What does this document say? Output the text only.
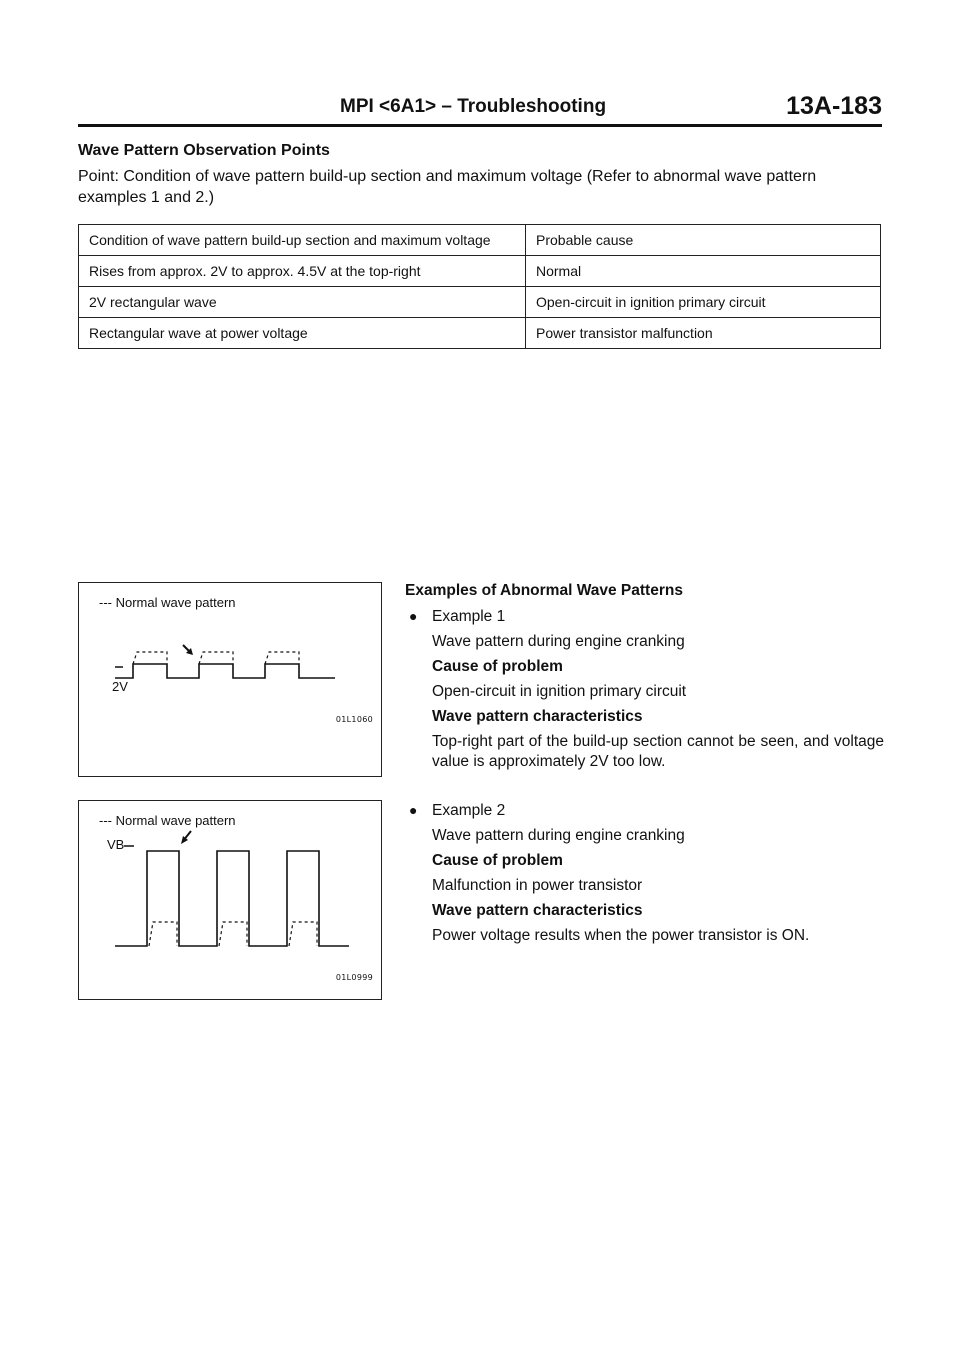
MPI <6A1> – Troubleshooting	13A-183
Wave Pattern Observation Points

Point: Condition of wave pattern build-up section and maximum voltage (Refer to abnormal wave pattern examples 1 and 2.)

Condition of wave pattern build-up section and maximum voltage	Probable cause
Rises from approx. 2V to approx. 4.5V at the top-right	Normal
2V rectangular wave	Open-circuit in ignition primary circuit
Rectangular wave at power voltage	Power transistor malfunction
--- Normal wave pattern
2V
01L1060
--- Normal wave pattern
VB
01L0999
Examples of Abnormal Wave Patterns
● Example 1
Wave pattern during engine cranking
Cause of problem
Open-circuit in ignition primary circuit
Wave pattern characteristics

Top-right part of the build-up section cannot be seen, and voltage value is approximately 2V too low.

● Example 2
Wave pattern during engine cranking
Cause of problem
Malfunction in power transistor
Wave pattern characteristics
Power voltage results when the power transistor is ON.
